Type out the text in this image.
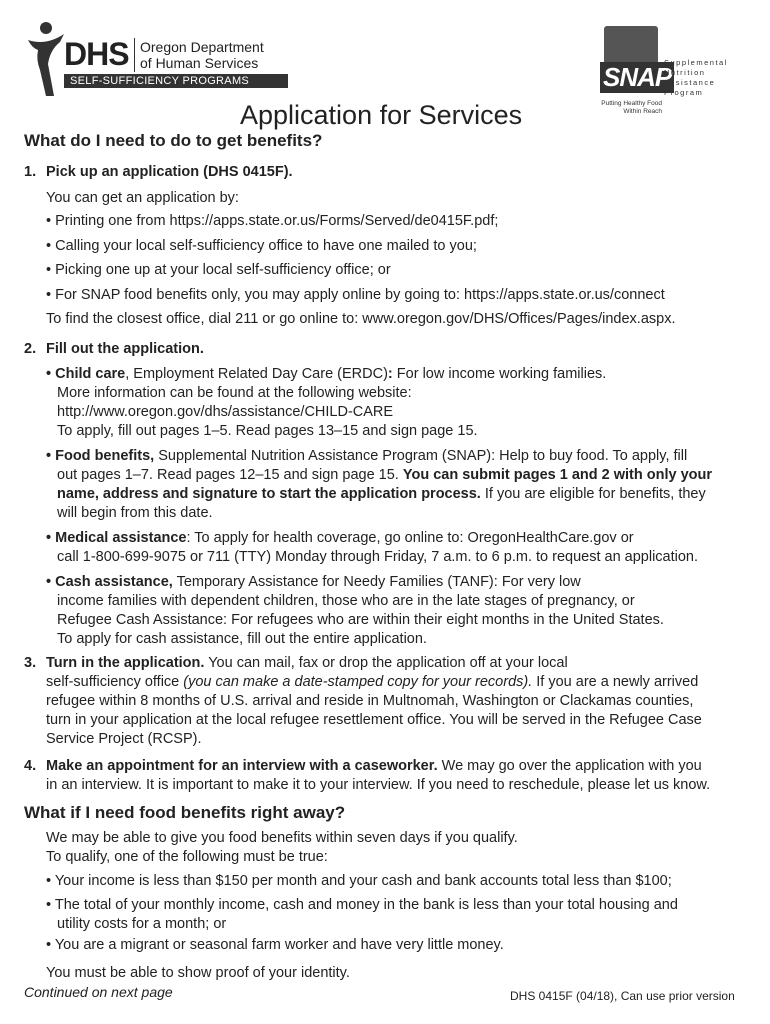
DHS Oregon Department
of Human Services
SELF-SUFFICIENCY PROGRAMS	SNAP
Supplemental
Nutrition
Assistance
Program
Putting Healthy Food
Within Reach
Application for Services
What do I need to do to get benefits?
1. Pick up an application (DHS 0415F).
You can get an application by:
• Printing one from https://apps.state.or.us/Forms/Served/de0415F.pdf;
• Calling your local self-sufficiency office to have one mailed to you;
• Picking one up at your local self-sufficiency office; or
• For SNAP food benefits only, you may apply online by going to: https://apps.state.or.us/connect
To find the closest office, dial 211 or go online to: www.oregon.gov/DHS/Offices/Pages/index.aspx.
2. Fill out the application.
• Child care, Employment Related Day Care (ERDC): For low income working families.
More information can be found at the following website:
http://www.oregon.gov/dhs/assistance/CHILD-CARE
To apply, fill out pages 1–5. Read pages 13–15 and sign page 15.
• Food benefits, Supplemental Nutrition Assistance Program (SNAP): Help to buy food. To apply, fill
out pages 1–7. Read pages 12–15 and sign page 15. You can submit pages 1 and 2 with only your
name, address and signature to start the application process. If you are eligible for benefits, they
will begin from this date.
• Medical assistance: To apply for health coverage, go online to: OregonHealthCare.gov or
call 1-800-699-9075 or 711 (TTY) Monday through Friday, 7 a.m. to 6 p.m. to request an application.
• Cash assistance, Temporary Assistance for Needy Families (TANF): For very low
income families with dependent children, those who are in the late stages of pregnancy, or
Refugee Cash Assistance: For refugees who are within their eight months in the United States.
To apply for cash assistance, fill out the entire application.
3. Turn in the application. You can mail, fax or drop the application off at your local
self-sufficiency office (you can make a date-stamped copy for your records). If you are a newly arrived
refugee within 8 months of U.S. arrival and reside in Multnomah, Washington or Clackamas counties,
turn in your application at the local refugee resettlement office. You will be served in the Refugee Case
Service Project (RCSP).
4. Make an appointment for an interview with a caseworker. We may go over the application with you
in an interview. It is important to make it to your interview. If you need to reschedule, please let us know.
What if I need food benefits right away?
We may be able to give you food benefits within seven days if you qualify.
To qualify, one of the following must be true:
• Your income is less than $150 per month and your cash and bank accounts total less than $100;
• The total of your monthly income, cash and money in the bank is less than your total housing and
utility costs for a month; or
• You are a migrant or seasonal farm worker and have very little money.
You must be able to show proof of your identity.
Continued on next page	DHS 0415F (04/18), Can use prior version
